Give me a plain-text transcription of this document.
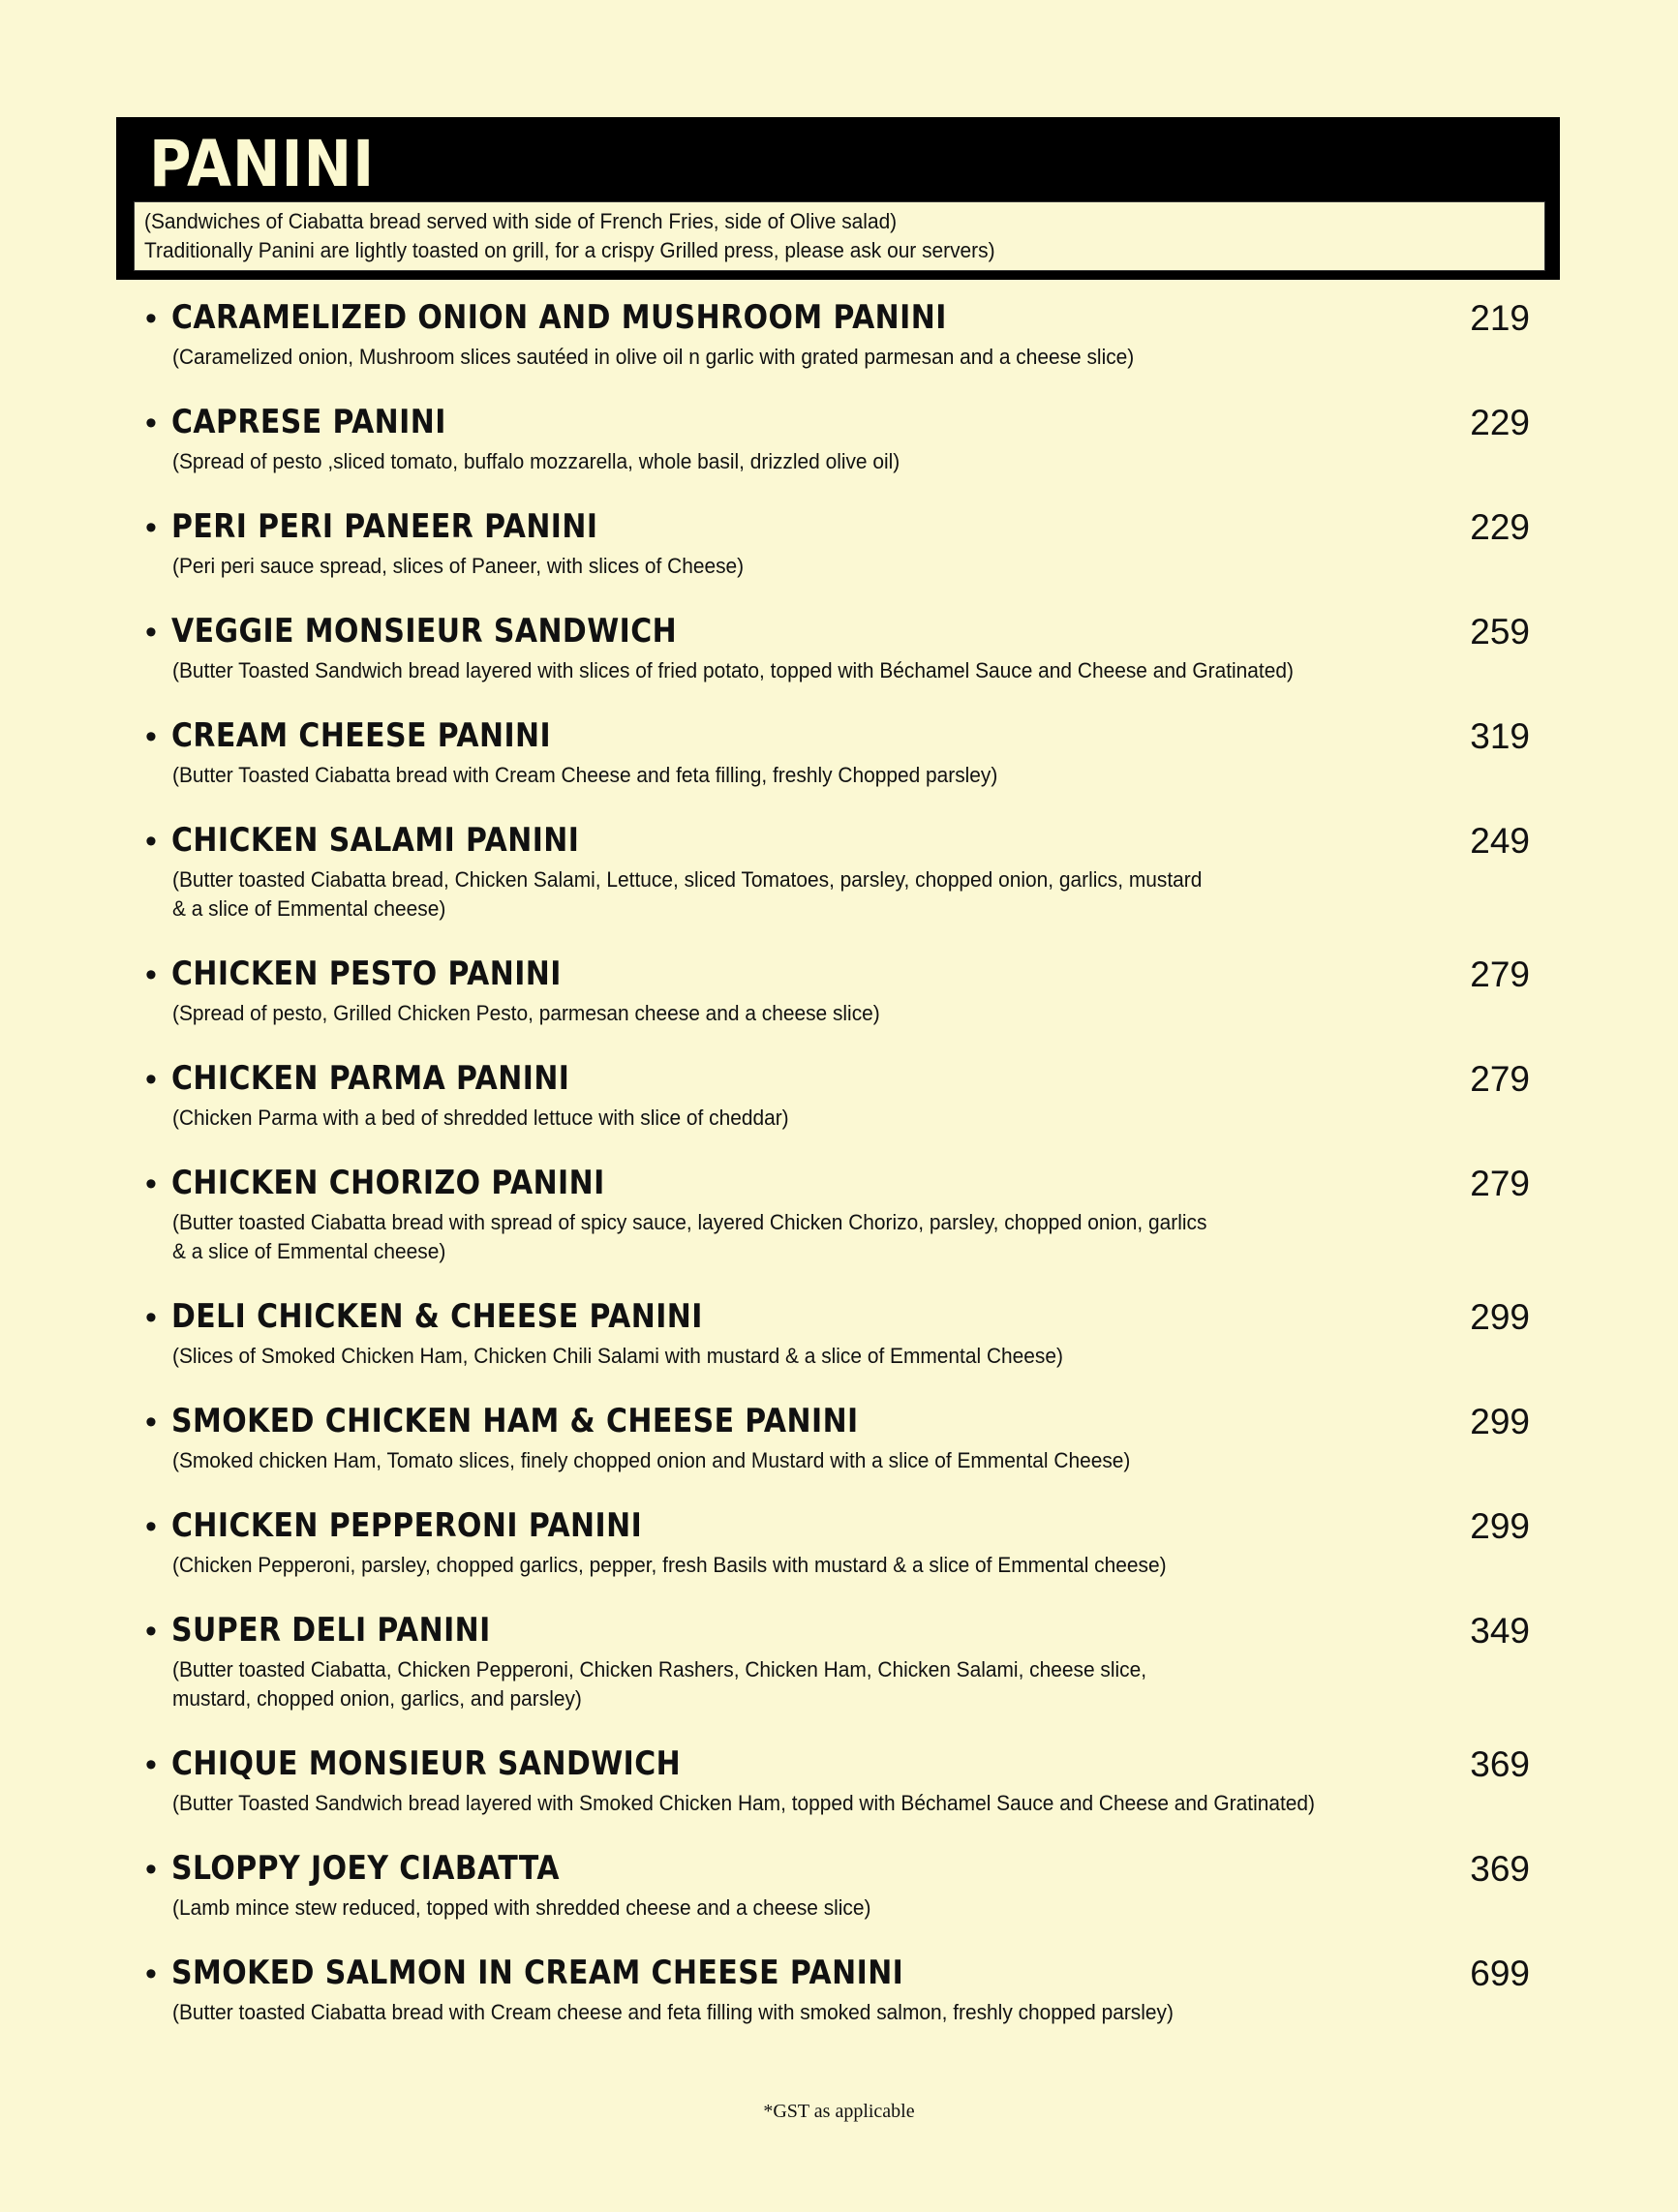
PANINI
(Sandwiches of Ciabatta bread served with side of French Fries, side of Olive salad)
Traditionally Panini are lightly toasted on grill, for a crispy Grilled press, please ask our servers)
• CARAMELIZED ONION AND MUSHROOM PANINI	219
(Caramelized onion, Mushroom slices sautéed in olive oil n garlic with grated parmesan and a cheese slice)
• CAPRESE PANINI	229
(Spread of pesto ,sliced tomato, buffalo mozzarella, whole basil, drizzled olive oil)
• PERI PERI PANEER PANINI	229
(Peri peri sauce spread, slices of Paneer, with slices of Cheese)
• VEGGIE MONSIEUR SANDWICH	259
(Butter Toasted Sandwich bread layered with slices of fried potato, topped with Béchamel Sauce and Cheese and Gratinated)
• CREAM CHEESE PANINI	319
(Butter Toasted Ciabatta bread with Cream Cheese and feta filling, freshly Chopped parsley)
• CHICKEN SALAMI PANINI	249
(Butter toasted Ciabatta bread, Chicken Salami, Lettuce, sliced Tomatoes, parsley, chopped onion, garlics, mustard
& a slice of Emmental cheese)
• CHICKEN PESTO PANINI	279
(Spread of pesto, Grilled Chicken Pesto, parmesan cheese and a cheese slice)
• CHICKEN PARMA PANINI	279
(Chicken Parma with a bed of shredded lettuce with slice of cheddar)
• CHICKEN CHORIZO PANINI	279
(Butter toasted Ciabatta bread with spread of spicy sauce, layered Chicken Chorizo, parsley, chopped onion, garlics
& a slice of Emmental cheese)
• DELI CHICKEN & CHEESE PANINI	299
(Slices of Smoked Chicken Ham, Chicken Chili Salami with mustard & a slice of Emmental Cheese)
• SMOKED CHICKEN HAM & CHEESE PANINI	299
(Smoked chicken Ham, Tomato slices, finely chopped onion and Mustard with a slice of Emmental Cheese)
• CHICKEN PEPPERONI PANINI	299
(Chicken Pepperoni, parsley, chopped garlics, pepper, fresh Basils with mustard & a slice of Emmental cheese)
• SUPER DELI PANINI	349
(Butter toasted Ciabatta, Chicken Pepperoni, Chicken Rashers, Chicken Ham, Chicken Salami, cheese slice,
mustard, chopped onion, garlics, and parsley)
• CHIQUE MONSIEUR SANDWICH	369
(Butter Toasted Sandwich bread layered with Smoked Chicken Ham, topped with Béchamel Sauce and Cheese and Gratinated)
• SLOPPY JOEY CIABATTA	369
(Lamb mince stew reduced, topped with shredded cheese and a cheese slice)
• SMOKED SALMON IN CREAM CHEESE PANINI	699
(Butter toasted Ciabatta bread with Cream cheese and feta filling with smoked salmon, freshly chopped parsley)
*GST as applicable
